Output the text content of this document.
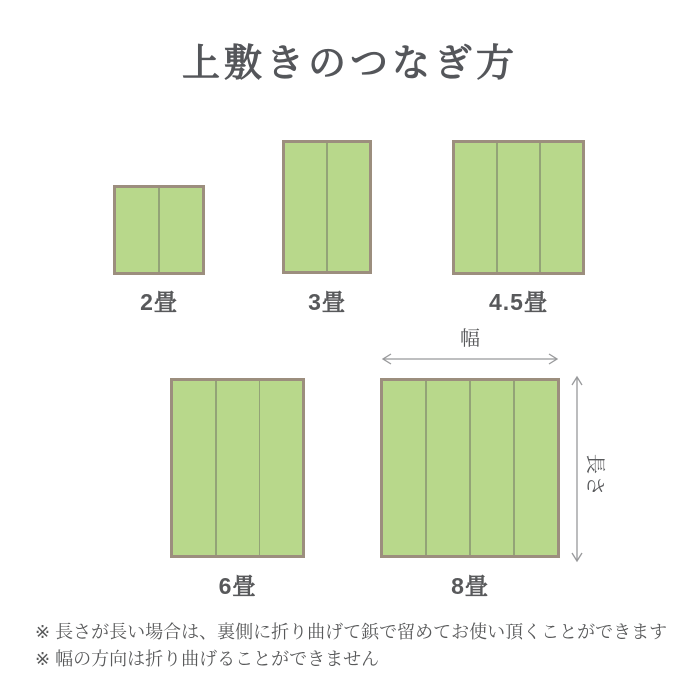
上敷きのつなぎ方
2畳	3畳	4.5畳
6畳	8畳
幅
長さ
※ 長さが長い場合は、裏側に折り曲げて鋲で留めてお使い頂くことができます
※ 幅の方向は折り曲げることができません
